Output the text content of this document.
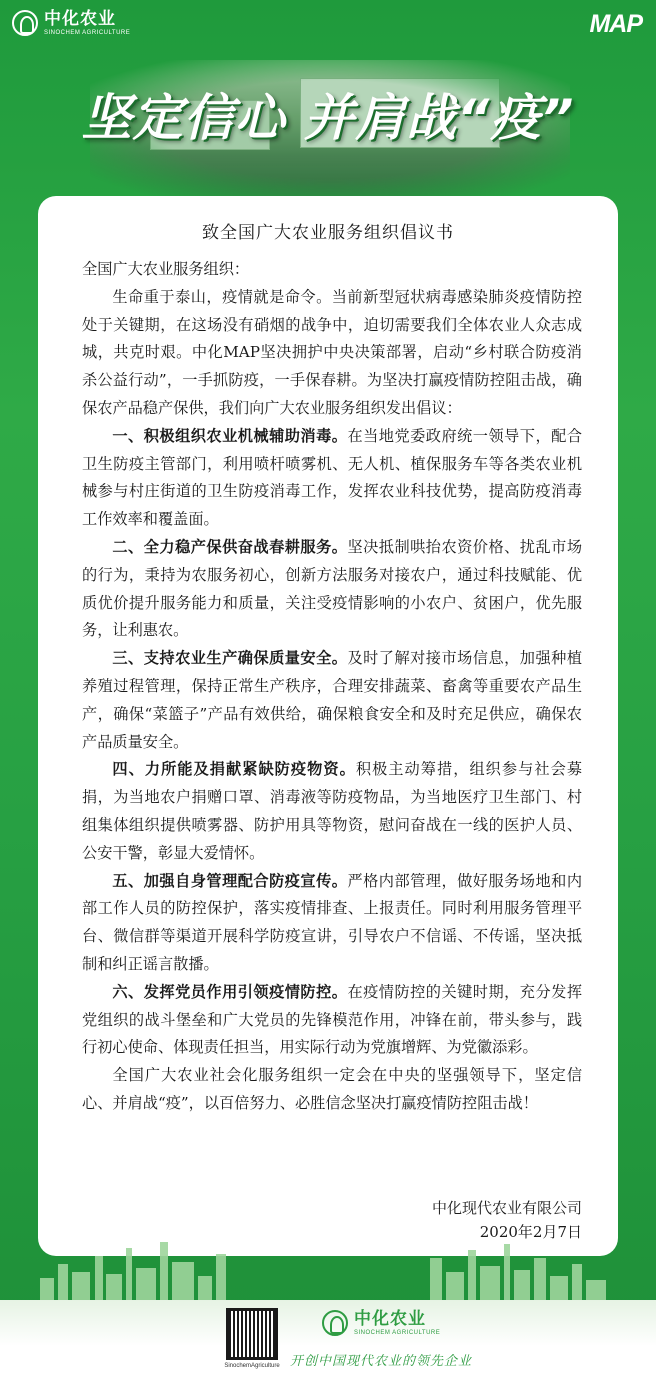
中化农业
SINOCHEM AGRICULTURE	MAP
坚定信心 并肩战“疫”
致全国广大农业服务组织倡议书

全国广大农业服务组织：

生命重于泰山，疫情就是命令。当前新型冠状病毒感染肺炎疫情防控处于关键期，在这场没有硝烟的战争中，迫切需要我们全体农业人众志成城，共克时艰。中化MAP坚决拥护中央决策部署，启动“乡村联合防疫消杀公益行动”，一手抓防疫，一手保春耕。为坚决打赢疫情防控阻击战，确保农产品稳产保供，我们向广大农业服务组织发出倡议：

一、积极组织农业机械辅助消毒。在当地党委政府统一领导下，配合卫生防疫主管部门，利用喷杆喷雾机、无人机、植保服务车等各类农业机械参与村庄街道的卫生防疫消毒工作，发挥农业科技优势，提高防疫消毒工作效率和覆盖面。

二、全力稳产保供奋战春耕服务。坚决抵制哄抬农资价格、扰乱市场的行为，秉持为农服务初心，创新方法服务对接农户，通过科技赋能、优质优价提升服务能力和质量，关注受疫情影响的小农户、贫困户，优先服务，让利惠农。

三、支持农业生产确保质量安全。及时了解对接市场信息，加强种植养殖过程管理，保持正常生产秩序，合理安排蔬菜、畜禽等重要农产品生产，确保“菜篮子”产品有效供给，确保粮食安全和及时充足供应，确保农产品质量安全。

四、力所能及捐献紧缺防疫物资。积极主动筹措，组织参与社会募捐，为当地农户捐赠口罩、消毒液等防疫物品，为当地医疗卫生部门、村组集体组织提供喷雾器、防护用具等物资，慰问奋战在一线的医护人员、公安干警，彰显大爱情怀。

五、加强自身管理配合防疫宣传。严格内部管理，做好服务场地和内部工作人员的防控保护，落实疫情排查、上报责任。同时利用服务管理平台、微信群等渠道开展科学防疫宣讲，引导农户不信谣、不传谣，坚决抵制和纠正谣言散播。

六、发挥党员作用引领疫情防控。在疫情防控的关键时期，充分发挥党组织的战斗堡垒和广大党员的先锋模范作用，冲锋在前，带头参与，践行初心使命、体现责任担当，用实际行动为党旗增辉、为党徽添彩。

全国广大农业社会化服务组织一定会在中央的坚强领导下，坚定信心、并肩战“疫”，以百倍努力、必胜信念坚决打赢疫情防控阻击战！

中化现代农业有限公司
2020年2月7日
SinochemAgriculture
中化农业
SINOCHEM AGRICULTURE
开创中国现代农业的领先企业
